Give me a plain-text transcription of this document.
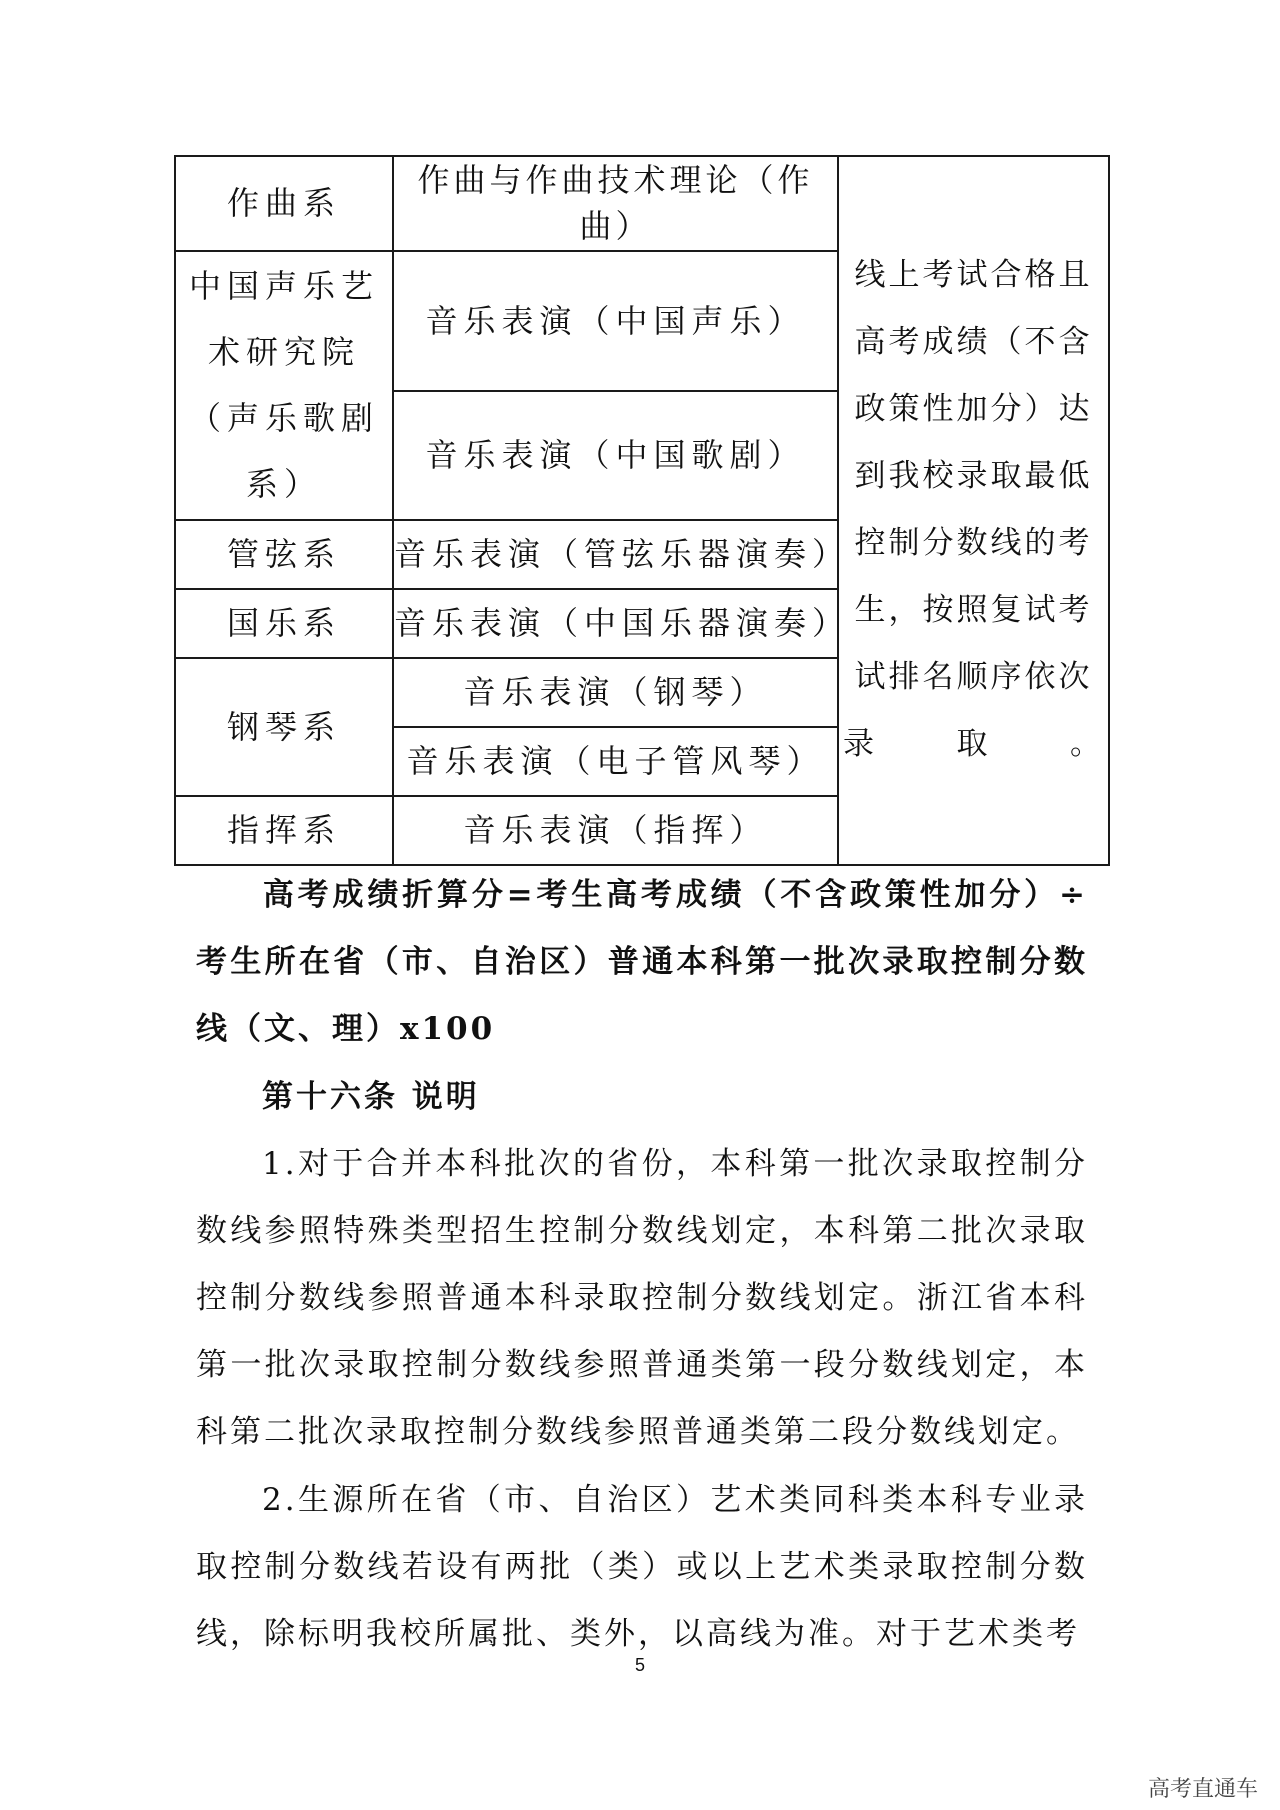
作曲系	作曲与作曲技术理论（作曲）	线上考试合格且高考成绩（不含政策性加分）达到我校录取最低控制分数线的考生，按照复试考试排名顺序依次录取。
中国声乐艺术研究院（声乐歌剧系）	音乐表演（中国声乐）	
	音乐表演（中国歌剧）	
管弦系	音乐表演（管弦乐器演奏）	
国乐系	音乐表演（中国乐器演奏）	
钢琴系	音乐表演（钢琴）	
	音乐表演（电子管风琴）	
指挥系	音乐表演（指挥）	

高考成绩折算分=考生高考成绩（不含政策性加分）÷考生所在省（市、自治区）普通本科第一批次录取控制分数线（文、理）x100

第十六条 说明

1.对于合并本科批次的省份，本科第一批次录取控制分数线参照特殊类型招生控制分数线划定，本科第二批次录取控制分数线参照普通本科录取控制分数线划定。浙江省本科第一批次录取控制分数线参照普通类第一段分数线划定，本科第二批次录取控制分数线参照普通类第二段分数线划定。

2.生源所在省（市、自治区）艺术类同科类本科专业录取控制分数线若设有两批（类）或以上艺术类录取控制分数线，除标明我校所属批、类外，以高线为准。对于艺术类考

5
高考直通车
